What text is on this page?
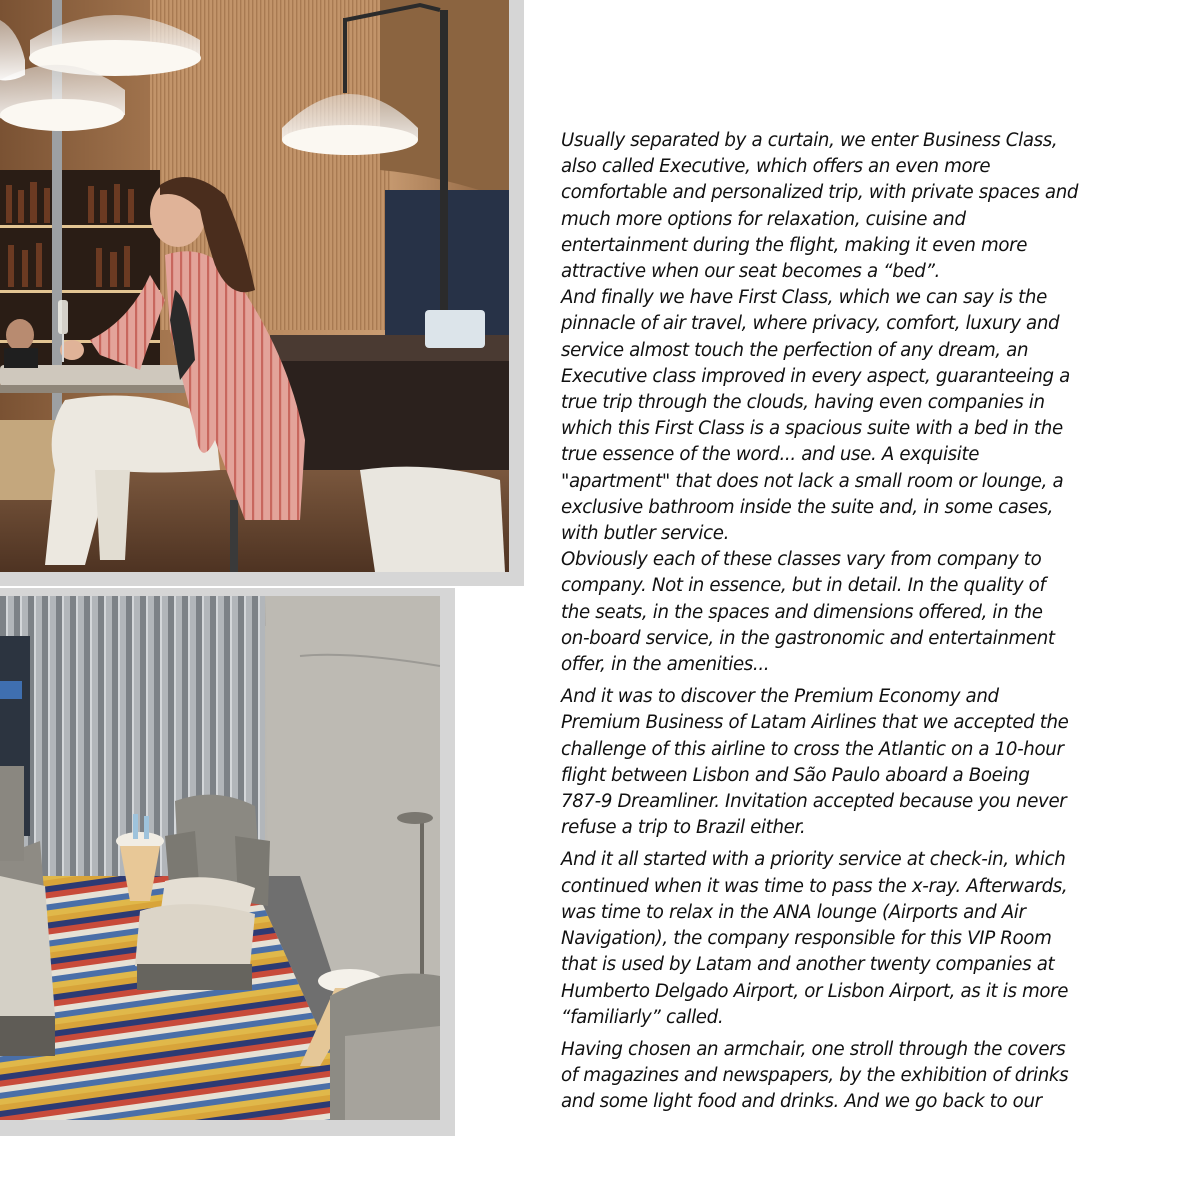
Usually separated by a curtain, we enter Business Class,
also called Executive, which offers an even more
comfortable and personalized trip, with private spaces and
much more options for relaxation, cuisine and
entertainment during the flight, making it even more
attractive when our seat becomes a “bed”.
And finally we have First Class, which we can say is the
pinnacle of air travel, where privacy, comfort, luxury and
service almost touch the perfection of any dream, an
Executive class improved in every aspect, guaranteeing a
true trip through the clouds, having even companies in
which this First Class is a spacious suite with a bed in the
true essence of the word... and use. A exquisite
"apartment" that does not lack a small room or lounge, a
exclusive bathroom inside the suite and, in some cases,
with butler service.
Obviously each of these classes vary from company to
company. Not in essence, but in detail. In the quality of
the seats, in the spaces and dimensions offered, in the
on-board service, in the gastronomic and entertainment
offer, in the amenities...
And it was to discover the Premium Economy and
Premium Business of Latam Airlines that we accepted the
challenge of this airline to cross the Atlantic on a 10-hour
flight between Lisbon and São Paulo aboard a Boeing
787-9 Dreamliner. Invitation accepted because you never
refuse a trip to Brazil either.
And it all started with a priority service at check-in, which
continued when it was time to pass the x-ray. Afterwards,
was time to relax in the ANA lounge (Airports and Air
Navigation), the company responsible for this VIP Room
that is used by Latam and another twenty companies at
Humberto Delgado Airport, or Lisbon Airport, as it is more
“familiarly” called.
Having chosen an armchair, one stroll through the covers
of magazines and newspapers, by the exhibition of drinks
and some light food and drinks. And we go back to our
